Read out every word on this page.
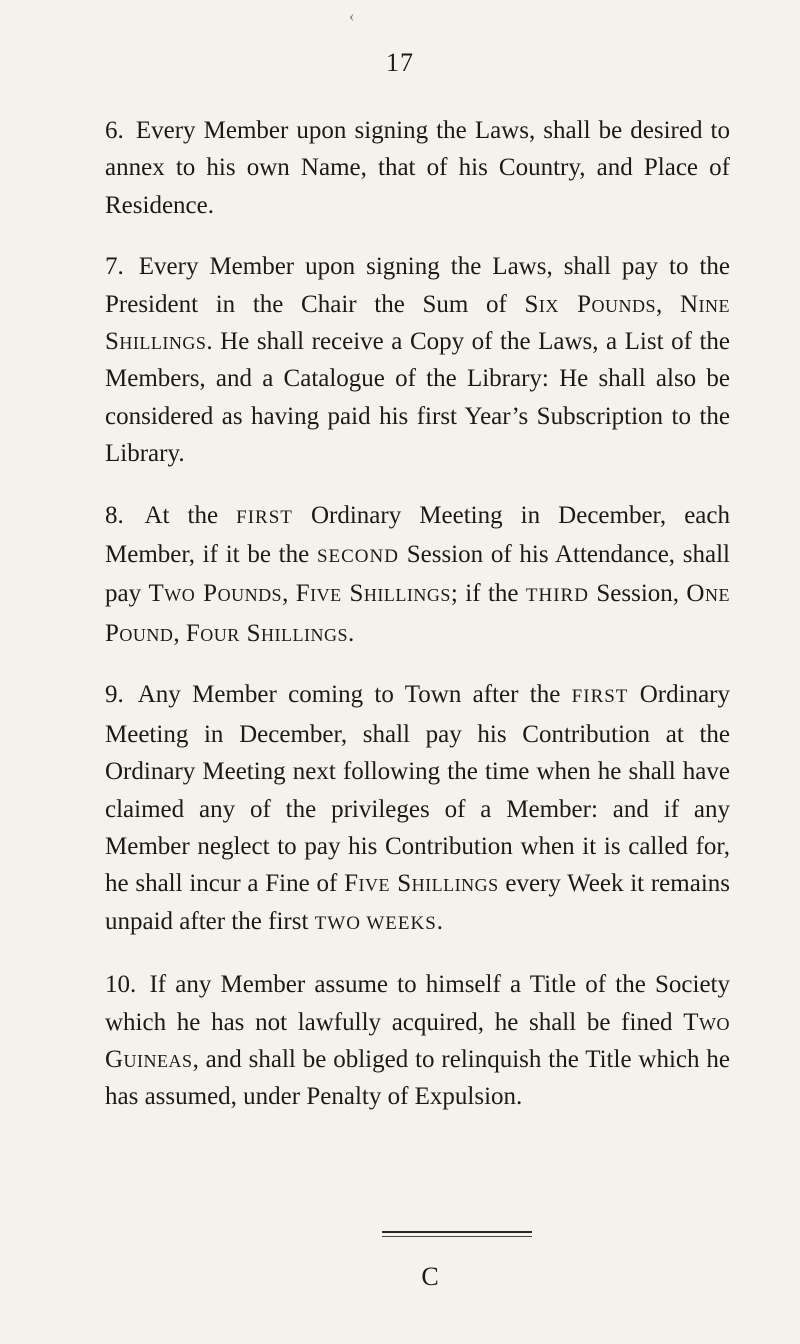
‹
17

6. Every Member upon signing the Laws, shall be desired to annex to his own Name, that of his Country, and Place of Residence.

7. Every Member upon signing the Laws, shall pay to the President in the Chair the Sum of Six Pounds, Nine Shillings. He shall receive a Copy of the Laws, a List of the Members, and a Catalogue of the Library: He shall also be considered as having paid his first Year’s Subscription to the Library.

8. At the FIRST Ordinary Meeting in December, each Member, if it be the SECOND Session of his Attendance, shall pay Two Pounds, Five Shillings; if the THIRD Session, One Pound, Four Shillings.

9. Any Member coming to Town after the FIRST Ordinary Meeting in December, shall pay his Contribution at the Ordinary Meeting next following the time when he shall have claimed any of the privileges of a Member: and if any Member neglect to pay his Contribution when it is called for, he shall incur a Fine of Five Shillings every Week it remains unpaid after the first TWO WEEKS.

10. If any Member assume to himself a Title of the Society which he has not lawfully acquired, he shall be fined Two Guineas, and shall be obliged to relinquish the Title which he has assumed, under Penalty of Expulsion.

C
